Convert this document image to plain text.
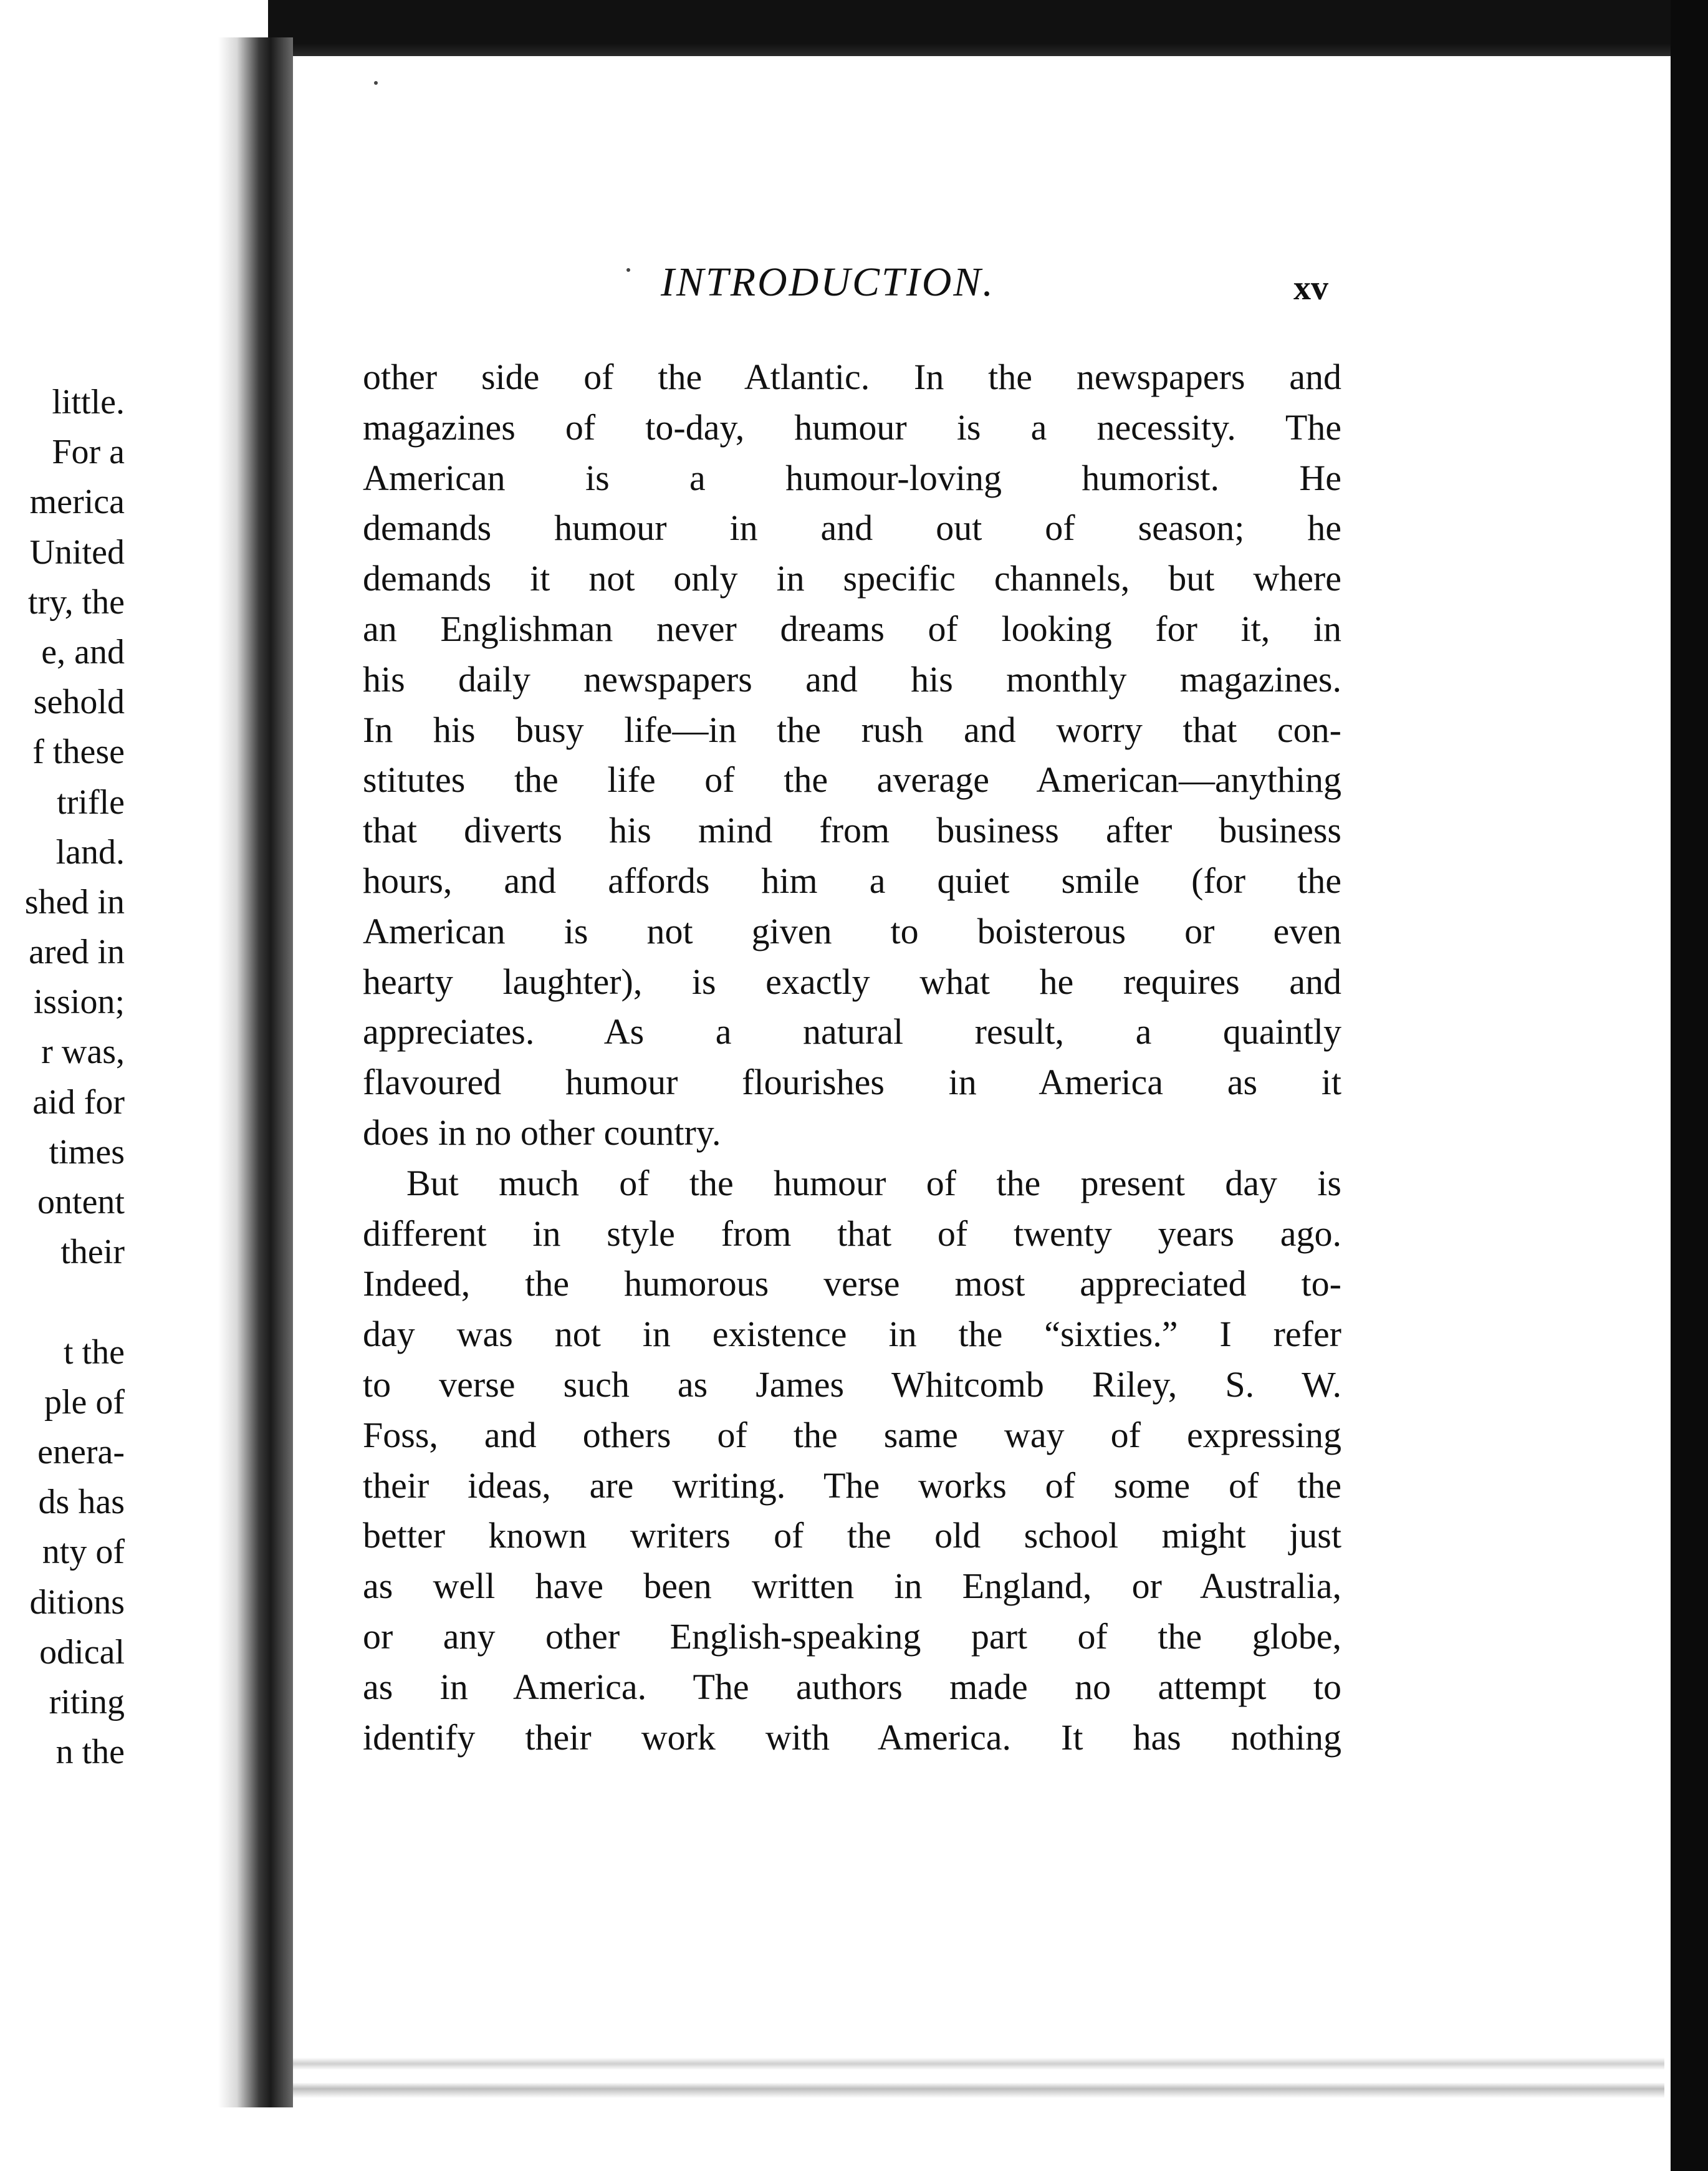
little.
For a
merica
United
try, the
e, and
sehold
f these
trifle
land.
shed in
ared in
ission;
r was,
aid for
times
ontent
their
t the
ple of
enera-
ds has
nty of
ditions
odical
riting
n the
INTRODUCTION.	xv
other side of the Atlantic. In the newspapers and
magazines of to-day, humour is a necessity. The
American is a humour-loving humorist. He
demands humour in and out of season; he
demands it not only in specific channels, but where
an Englishman never dreams of looking for it, in
his daily newspapers and his monthly magazines.
In his busy life—in the rush and worry that con-
stitutes the life of the average American—anything
that diverts his mind from business after business
hours, and affords him a quiet smile (for the
American is not given to boisterous or even
hearty laughter), is exactly what he requires and
appreciates. As a natural result, a quaintly
flavoured humour flourishes in America as it
does in no other country.
But much of the humour of the present day is
different in style from that of twenty years ago.
Indeed, the humorous verse most appreciated to-
day was not in existence in the “sixties.” I refer
to verse such as James Whitcomb Riley, S. W.
Foss, and others of the same way of expressing
their ideas, are writing. The works of some of the
better known writers of the old school might just
as well have been written in England, or Australia,
or any other English-speaking part of the globe,
as in America. The authors made no attempt to
identify their work with America. It has nothing
